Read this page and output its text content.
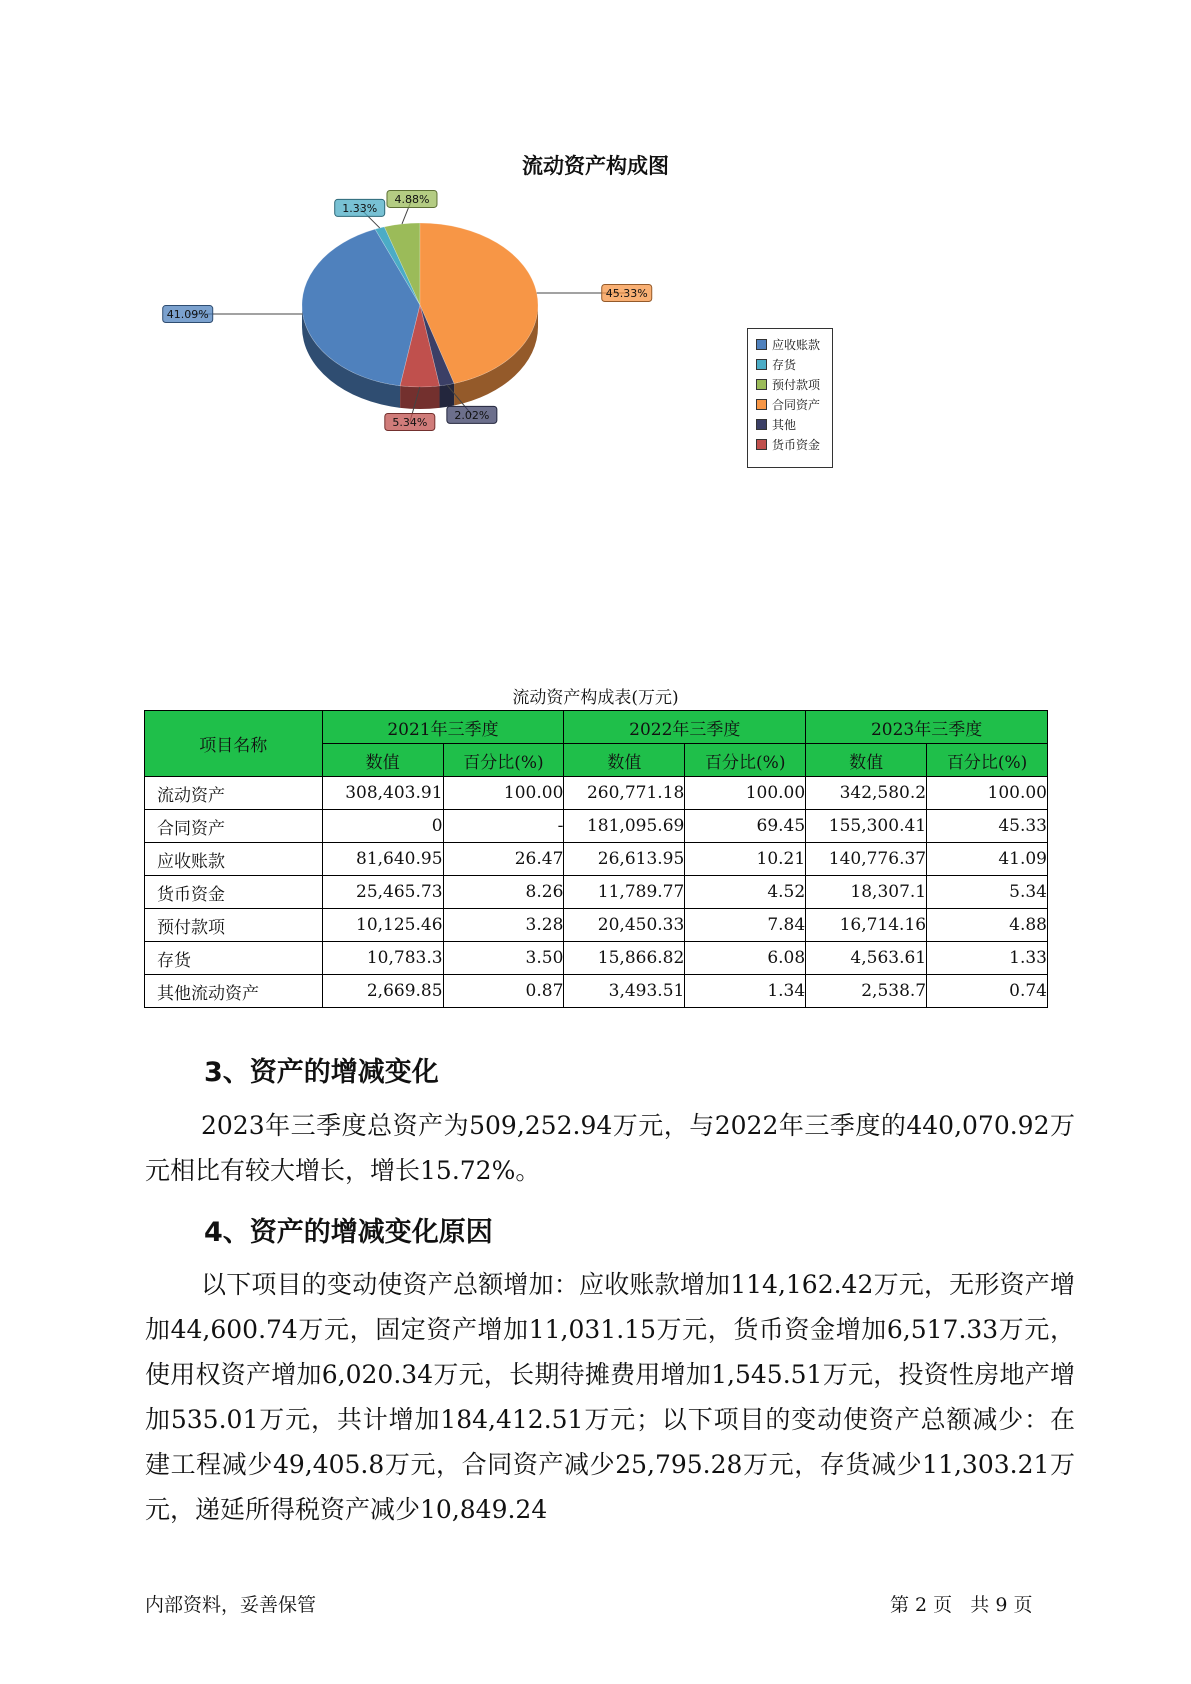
流动资产构成图
41.09%
1.33%
4.88%
45.33%
2.02%
5.34%
应收账款
存货
预付款项
合同资产
其他
货币资金
流动资产构成表(万元)
项目名称	2021年三季度		2022年三季度		2023年三季度	
	数值	百分比(%)	数值	百分比(%)	数值	百分比(%)
流动资产	308,403.91	100.00	260,771.18	100.00	342,580.2	100.00
合同资产	0	-	181,095.69	69.45	155,300.41	45.33
应收账款	81,640.95	26.47	26,613.95	10.21	140,776.37	41.09
货币资金	25,465.73	8.26	11,789.77	4.52	18,307.1	5.34
预付款项	10,125.46	3.28	20,450.33	7.84	16,714.16	4.88
存货	10,783.3	3.50	15,866.82	6.08	4,563.61	1.33
其他流动资产	2,669.85	0.87	3,493.51	1.34	2,538.7	0.74
3、资产的增减变化
2023年三季度总资产为509,252.94万元，与2022年三季度的440,070.92万元相比有较大增长，增长15.72%。
4、资产的增减变化原因
以下项目的变动使资产总额增加：应收账款增加114,162.42万元，无形资产增加44,600.74万元，固定资产增加11,031.15万元，货币资金增加6,517.33万元，使用权资产增加6,020.34万元，长期待摊费用增加1,545.51万元，投资性房地产增加535.01万元，共计增加184,412.51万元；以下项目的变动使资产总额减少：在建工程减少49,405.8万元，合同资产减少25,795.28万元，存货减少11,303.21万元，递延所得税资产减少10,849.24
内部资料，妥善保管	第 2 页   共 9 页
